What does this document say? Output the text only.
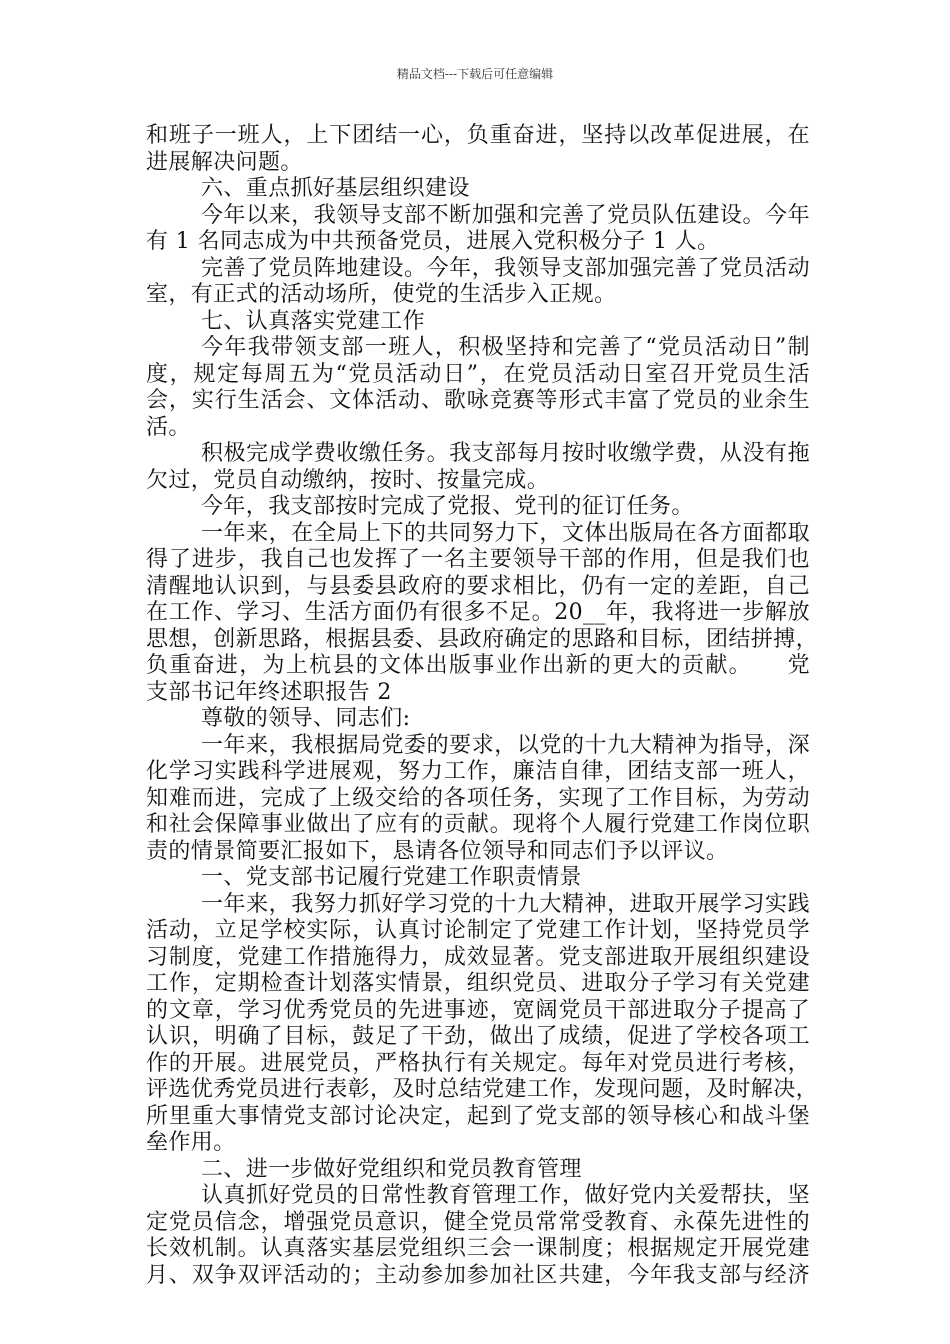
精品文档---下载后可任意编辑
和班子一班人，上下团结一心，负重奋进，坚持以改革促进展，在
进展解决问题。
六、重点抓好基层组织建设
今年以来，我领导支部不断加强和完善了党员队伍建设。今年
有 1 名同志成为中共预备党员，进展入党积极分子 1 人。
完善了党员阵地建设。今年，我领导支部加强完善了党员活动
室，有正式的活动场所，使党的生活步入正规。
七、认真落实党建工作
今年我带领支部一班人，积极坚持和完善了“党员活动日”制
度，规定每周五为“党员活动日”，在党员活动日室召开党员生活
会，实行生活会、文体活动、歌咏竞赛等形式丰富了党员的业余生
活。
积极完成学费收缴任务。我支部每月按时收缴学费，从没有拖
欠过，党员自动缴纳，按时、按量完成。
今年，我支部按时完成了党报、党刊的征订任务。
一年来，在全局上下的共同努力下，文体出版局在各方面都取
得了进步，我自己也发挥了一名主要领导干部的作用，但是我们也
清醒地认识到，与县委县政府的要求相比，仍有一定的差距，自己
在工作、学习、生活方面仍有很多不足。20__年，我将进一步解放
思想，创新思路，根据县委、县政府确定的思路和目标，团结拼搏，
负重奋进，为上杭县的文体出版事业作出新的更大的贡献。　　党
支部书记年终述职报告 2
尊敬的领导、同志们:
一年来，我根据局党委的要求，以党的十九大精神为指导，深
化学习实践科学进展观，努力工作，廉洁自律，团结支部一班人，
知难而进，完成了上级交给的各项任务，实现了工作目标，为劳动
和社会保障事业做出了应有的贡献。现将个人履行党建工作岗位职
责的情景简要汇报如下，恳请各位领导和同志们予以评议。
一、党支部书记履行党建工作职责情景
一年来，我努力抓好学习党的十九大精神，进取开展学习实践
活动，立足学校实际，认真讨论制定了党建工作计划，坚持党员学
习制度，党建工作措施得力，成效显著。党支部进取开展组织建设
工作，定期检查计划落实情景，组织党员、进取分子学习有关党建
的文章，学习优秀党员的先进事迹，宽阔党员干部进取分子提高了
认识，明确了目标，鼓足了干劲，做出了成绩，促进了学校各项工
作的开展。进展党员，严格执行有关规定。每年对党员进行考核，
评选优秀党员进行表彰，及时总结党建工作，发现问题，及时解决，
所里重大事情党支部讨论决定，起到了党支部的领导核心和战斗堡
垒作用。
二、进一步做好党组织和党员教育管理
认真抓好党员的日常性教育管理工作，做好党内关爱帮扶，坚
定党员信念，增强党员意识，健全党员常常受教育、永葆先进性的
长效机制。认真落实基层党组织三会一课制度；根据规定开展党建
月、双争双评活动的；主动参加参加社区共建，今年我支部与经济
